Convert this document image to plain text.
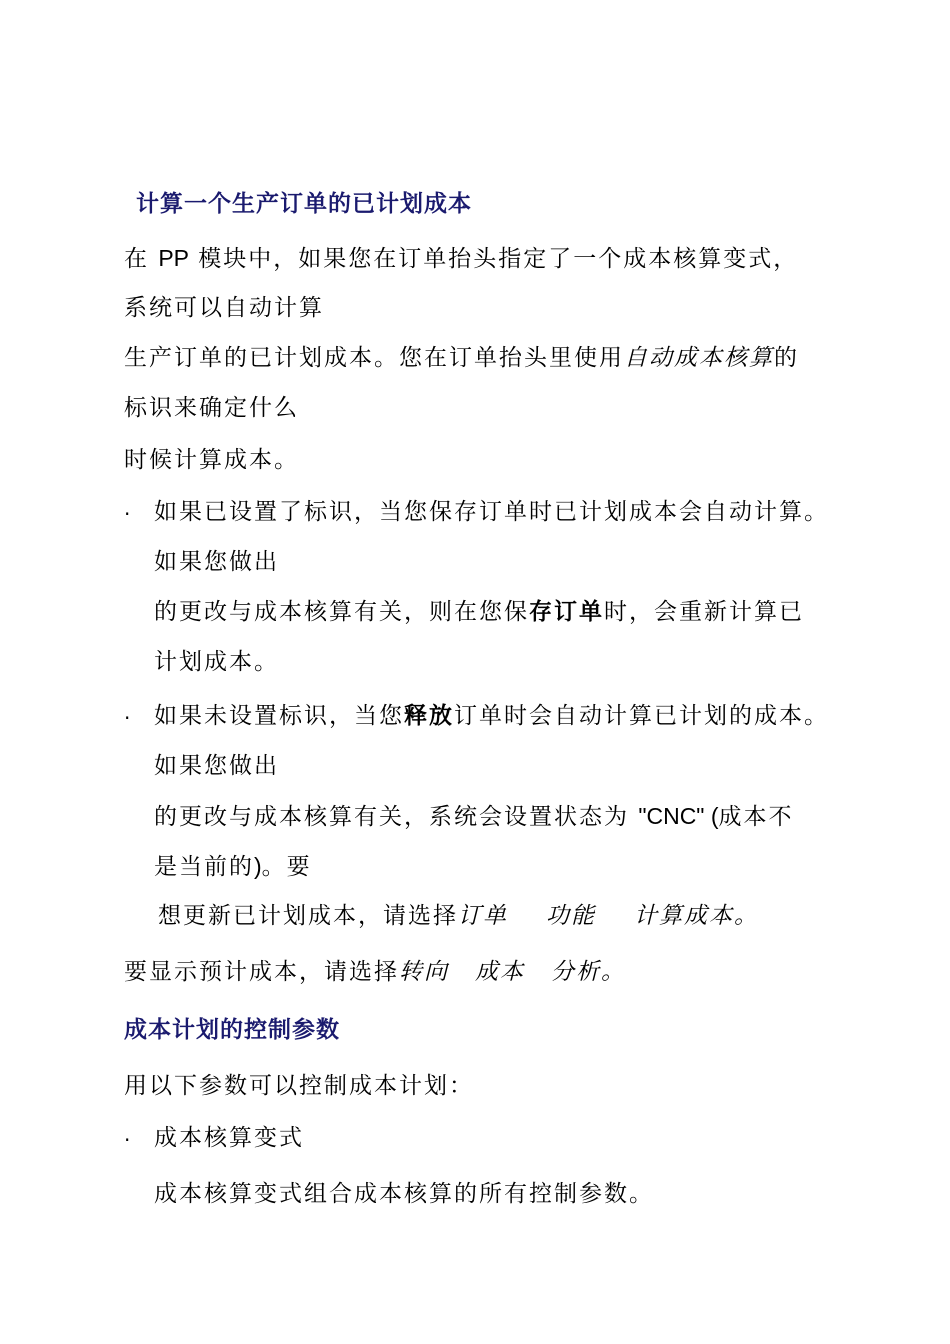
计算一个生产订单的已计划成本
在 PP 模块中，如果您在订单抬头指定了一个成本核算变式，
系统可以自动计算
生产订单的已计划成本。您在订单抬头里使用自动成本核算的
标识来确定什么
时候计算成本。
· 如果已设置了标识，当您保存订单时已计划成本会自动计算。
如果您做出
的更改与成本核算有关，则在您保存订单时，会重新计算已
计划成本。
· 如果未设置标识，当您释放订单时会自动计算已计划的成本。
如果您做出
的更改与成本核算有关，系统会设置状态为 "CNC" (成本不
是当前的)。要
想更新已计划成本，请选择订单 功能 计算成本。
要显示预计成本，请选择转向 成本 分析。
成本计划的控制参数
用以下参数可以控制成本计划：
· 成本核算变式
成本核算变式组合成本核算的所有控制参数。
